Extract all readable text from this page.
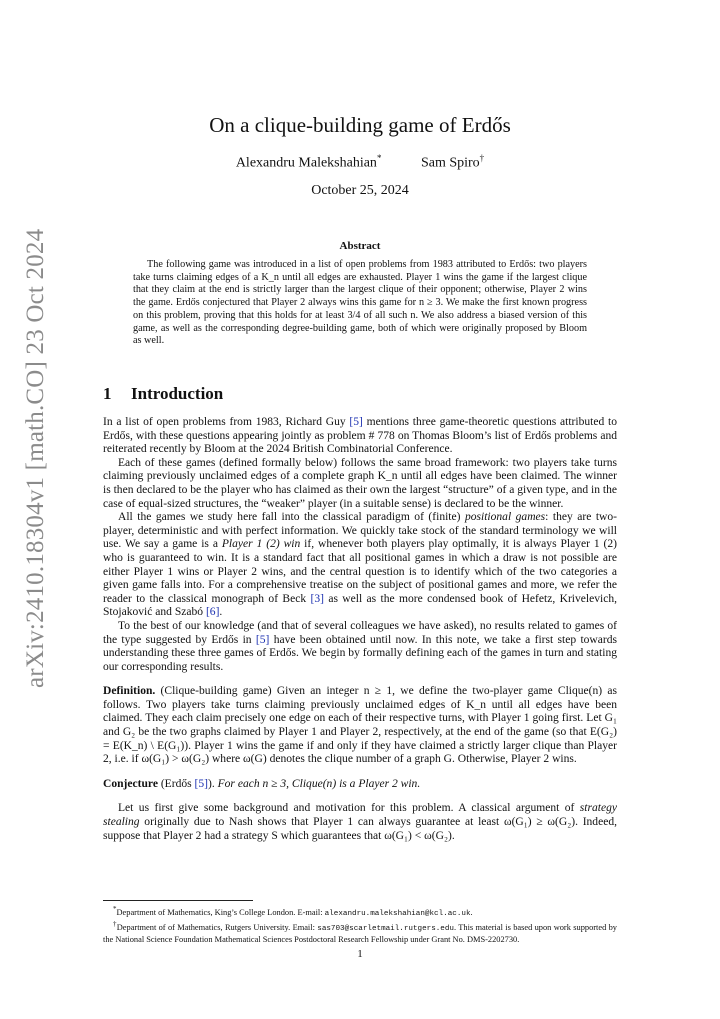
arXiv:2410.18304v1 [math.CO] 23 Oct 2024
On a clique-building game of Erdős
Alexandru Malekshahian*	Sam Spiro†
October 25, 2024
Abstract
The following game was introduced in a list of open problems from 1983 attributed to Erdős: two players take turns claiming edges of a K_n until all edges are exhausted. Player 1 wins the game if the largest clique that they claim at the end is strictly larger than the largest clique of their opponent; otherwise, Player 2 wins the game. Erdős conjectured that Player 2 always wins this game for n ≥ 3. We make the first known progress on this problem, proving that this holds for at least 3/4 of all such n. We also address a biased version of this game, as well as the corresponding degree-building game, both of which were originally proposed by Bloom as well.
1 Introduction

In a list of open problems from 1983, Richard Guy [5] mentions three game-theoretic questions attributed to Erdős, with these questions appearing jointly as problem # 778 on Thomas Bloom’s list of Erdős problems and reiterated recently by Bloom at the 2024 British Combinatorial Conference.

Each of these games (defined formally below) follows the same broad framework: two players take turns claiming previously unclaimed edges of a complete graph K_n until all edges have been claimed. The winner is then declared to be the player who has claimed as their own the largest “structure” of a given type, and in the case of equal-sized structures, the “weaker” player (in a suitable sense) is declared to be the winner.

All the games we study here fall into the classical paradigm of (finite) positional games: they are two-player, deterministic and with perfect information. We quickly take stock of the standard terminology we will use. We say a game is a Player 1 (2) win if, whenever both players play optimally, it is always Player 1 (2) who is guaranteed to win. It is a standard fact that all positional games in which a draw is not possible are either Player 1 wins or Player 2 wins, and the central question is to identify which of the two categories a given game falls into. For a comprehensive treatise on the subject of positional games and more, we refer the reader to the classical monograph of Beck [3] as well as the more condensed book of Hefetz, Krivelevich, Stojaković and Szabó [6].

To the best of our knowledge (and that of several colleagues we have asked), no results related to games of the type suggested by Erdős in [5] have been obtained until now. In this note, we take a first step towards understanding these three games of Erdős. We begin by formally defining each of the games in turn and stating our corresponding results.

Definition. (Clique-building game) Given an integer n ≥ 1, we define the two-player game Clique(n) as follows. Two players take turns claiming previously unclaimed edges of K_n until all edges have been claimed. They each claim precisely one edge on each of their respective turns, with Player 1 going first. Let G₁ and G₂ be the two graphs claimed by Player 1 and Player 2, respectively, at the end of the game (so that E(G₂) = E(K_n) \ E(G₁)). Player 1 wins the game if and only if they have claimed a strictly larger clique than Player 2, i.e. if ω(G₁) > ω(G₂) where ω(G) denotes the clique number of a graph G. Otherwise, Player 2 wins.

Conjecture (Erdős [5]). For each n ≥ 3, Clique(n) is a Player 2 win.

Let us first give some background and motivation for this problem. A classical argument of strategy stealing originally due to Nash shows that Player 1 can always guarantee at least ω(G₁) ≥ ω(G₂). Indeed, suppose that Player 2 had a strategy S which guarantees that ω(G₁) < ω(G₂).

*Department of Mathematics, King’s College London. E-mail: alexandru.malekshahian@kcl.ac.uk.

†Department of of Mathematics, Rutgers University. Email: sas703@scarletmail.rutgers.edu. This material is based upon work supported by the National Science Foundation Mathematical Sciences Postdoctoral Research Fellowship under Grant No. DMS-2202730.

1
